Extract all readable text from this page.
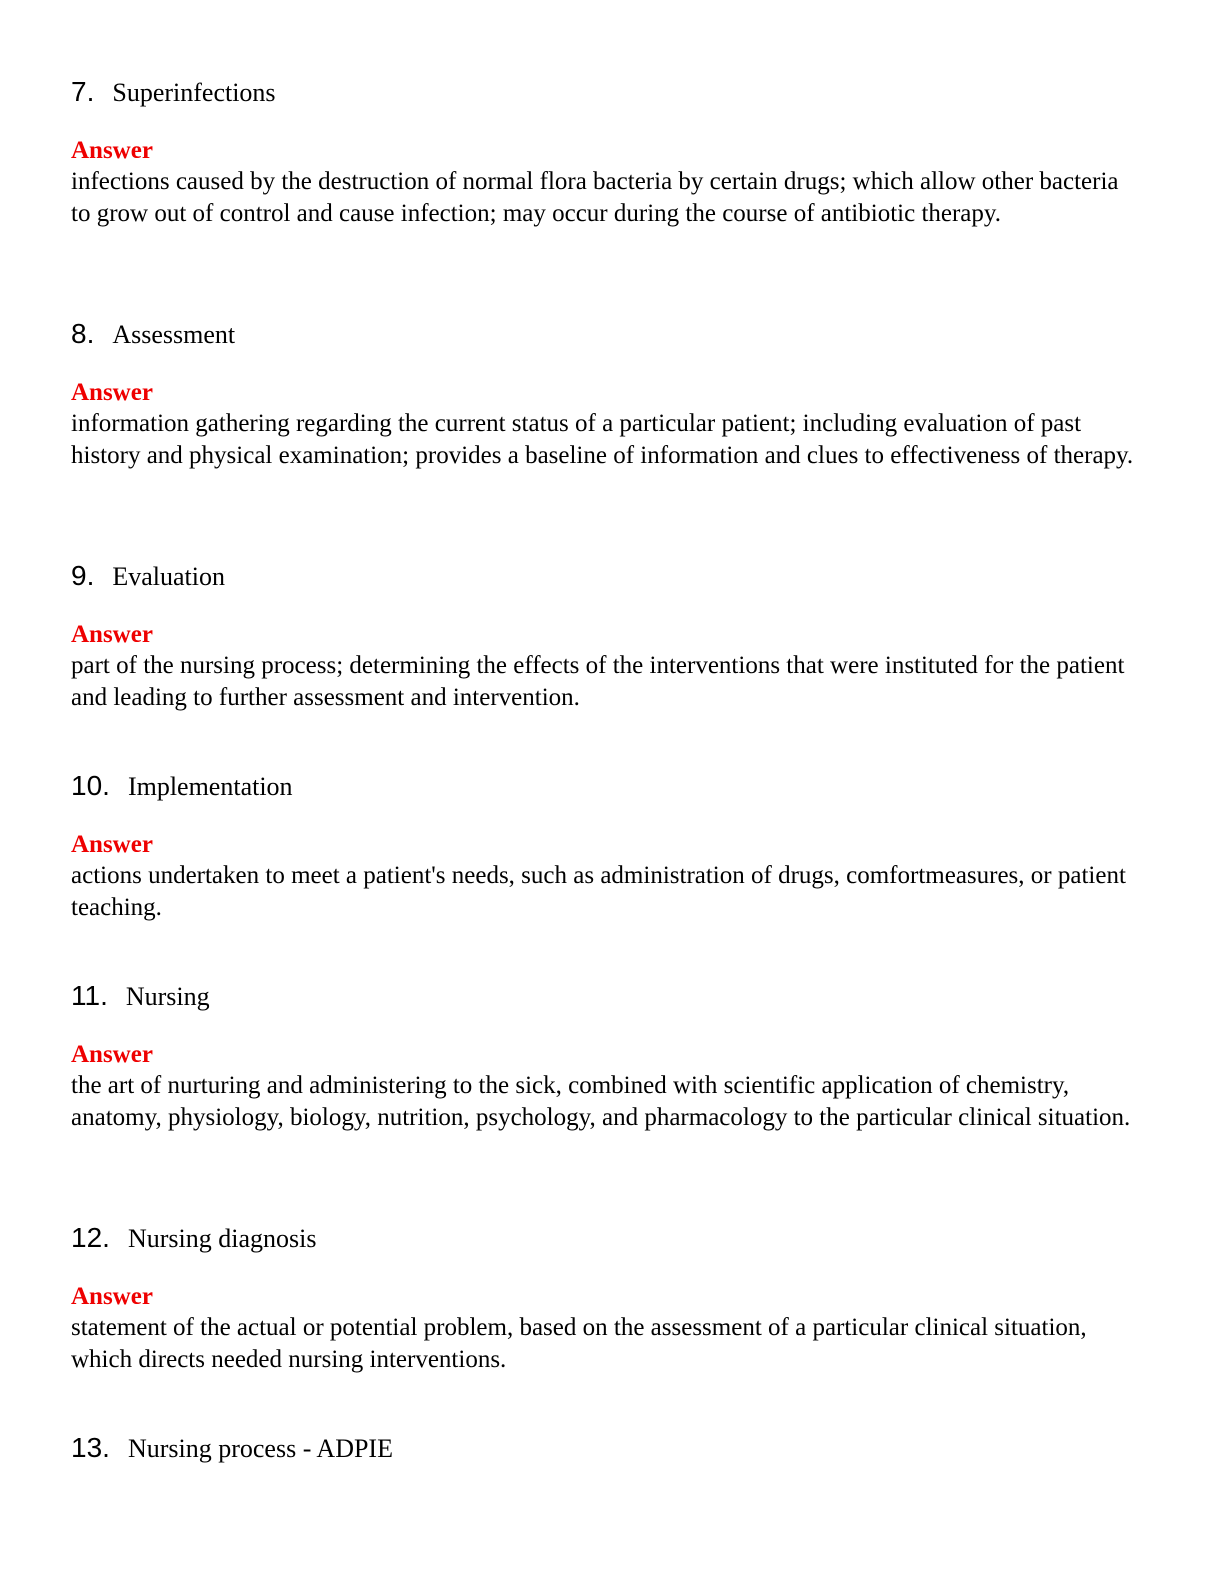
7 . Superinfections
Answer

infections caused by the destruction of normal flora bacteria by certain drugs; which allow other bacteria to grow out of control and cause infection; may occur during the course of antibiotic therapy.

8 . Assessment
Answer

information gathering regarding the current status of a particular patient; including evaluation of past history and physical examination; provides a baseline of information and clues to effectiveness of therapy.

9 . Evaluation
Answer

part of the nursing process; determining the effects of the interventions that were instituted for the patient and leading to further assessment and intervention.

10 . Implementation
Answer

actions undertaken to meet a patient's needs, such as administration of drugs, comfortmeasures, or patient teaching.

11 . Nursing
Answer

the art of nurturing and administering to the sick, combined with scientific application of chemistry, anatomy, physiology, biology, nutrition, psychology, and pharmacology to the particular clinical situation.

12 . Nursing diagnosis
Answer

statement of the actual or potential problem, based on the assessment of a particular clinical situation, which directs needed nursing interventions.

13 . Nursing process - ADPIE
